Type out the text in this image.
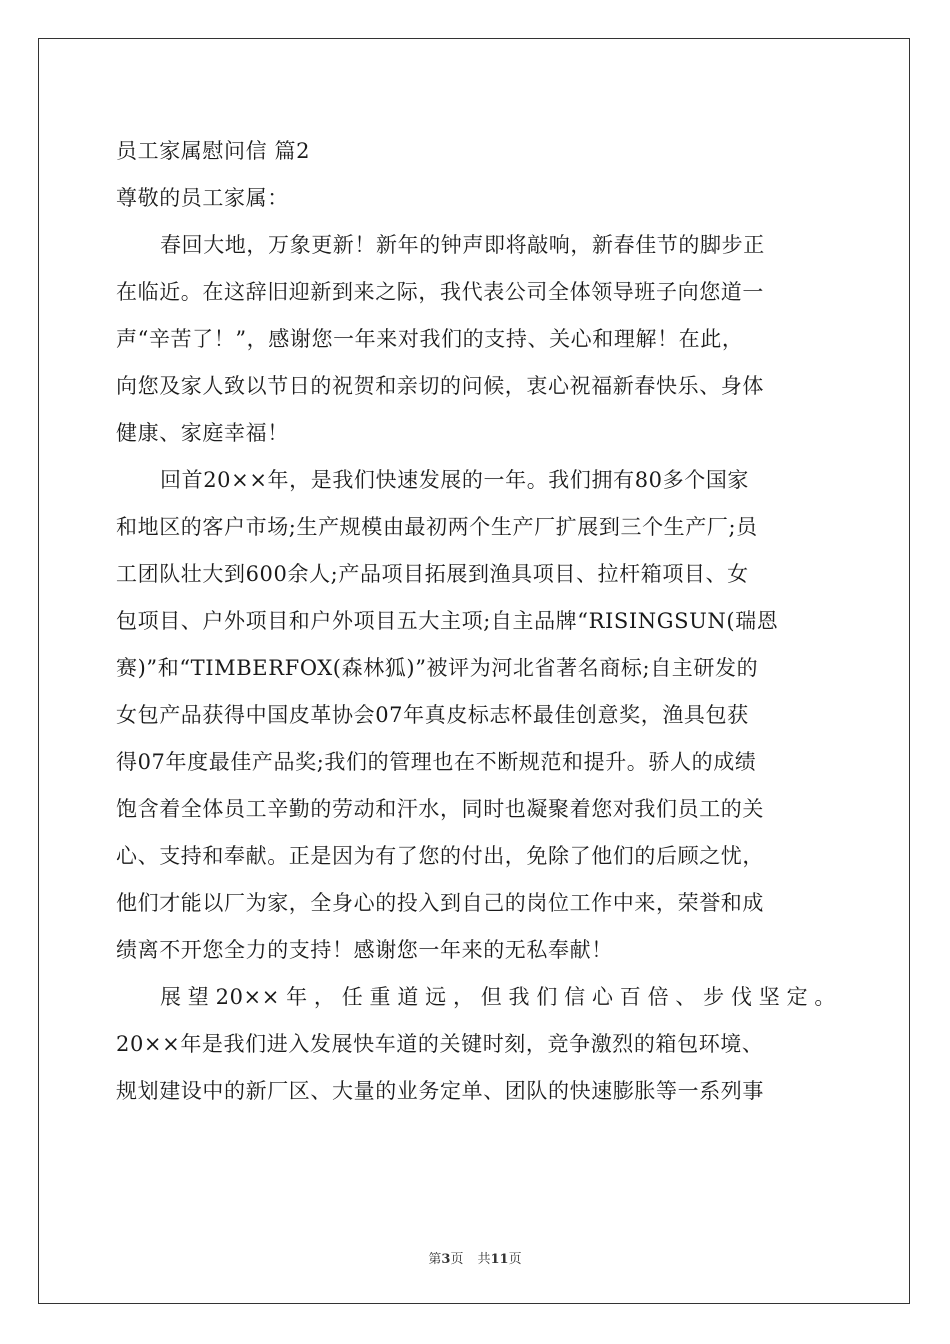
员工家属慰问信 篇2
尊敬的员工家属：
春回大地，万象更新！新年的钟声即将敲响，新春佳节的脚步正
在临近。在这辞旧迎新到来之际，我代表公司全体领导班子向您道一
声“辛苦了！”，感谢您一年来对我们的支持、关心和理解！在此，
向您及家人致以节日的祝贺和亲切的问候，衷心祝福新春快乐、身体
健康、家庭幸福！
回首20××年，是我们快速发展的一年。我们拥有80多个国家
和地区的客户市场;生产规模由最初两个生产厂扩展到三个生产厂;员
工团队壮大到600余人;产品项目拓展到渔具项目、拉杆箱项目、女
包项目、户外项目和户外项目五大主项;自主品牌“RISINGSUN(瑞恩
赛)”和“TIMBERFOX(森林狐)”被评为河北省著名商标;自主研发的
女包产品获得中国皮革协会07年真皮标志杯最佳创意奖，渔具包获
得07年度最佳产品奖;我们的管理也在不断规范和提升。骄人的成绩
饱含着全体员工辛勤的劳动和汗水，同时也凝聚着您对我们员工的关
心、支持和奉献。正是因为有了您的付出，免除了他们的后顾之忧，
他们才能以厂为家，全身心的投入到自己的岗位工作中来，荣誉和成
绩离不开您全力的支持！感谢您一年来的无私奉献！
展望20××年，任重道远，但我们信心百倍、步伐坚定。
20××年是我们进入发展快车道的关键时刻，竞争激烈的箱包环境、
规划建设中的新厂区、大量的业务定单、团队的快速膨胀等一系列事
第3页 共11页
